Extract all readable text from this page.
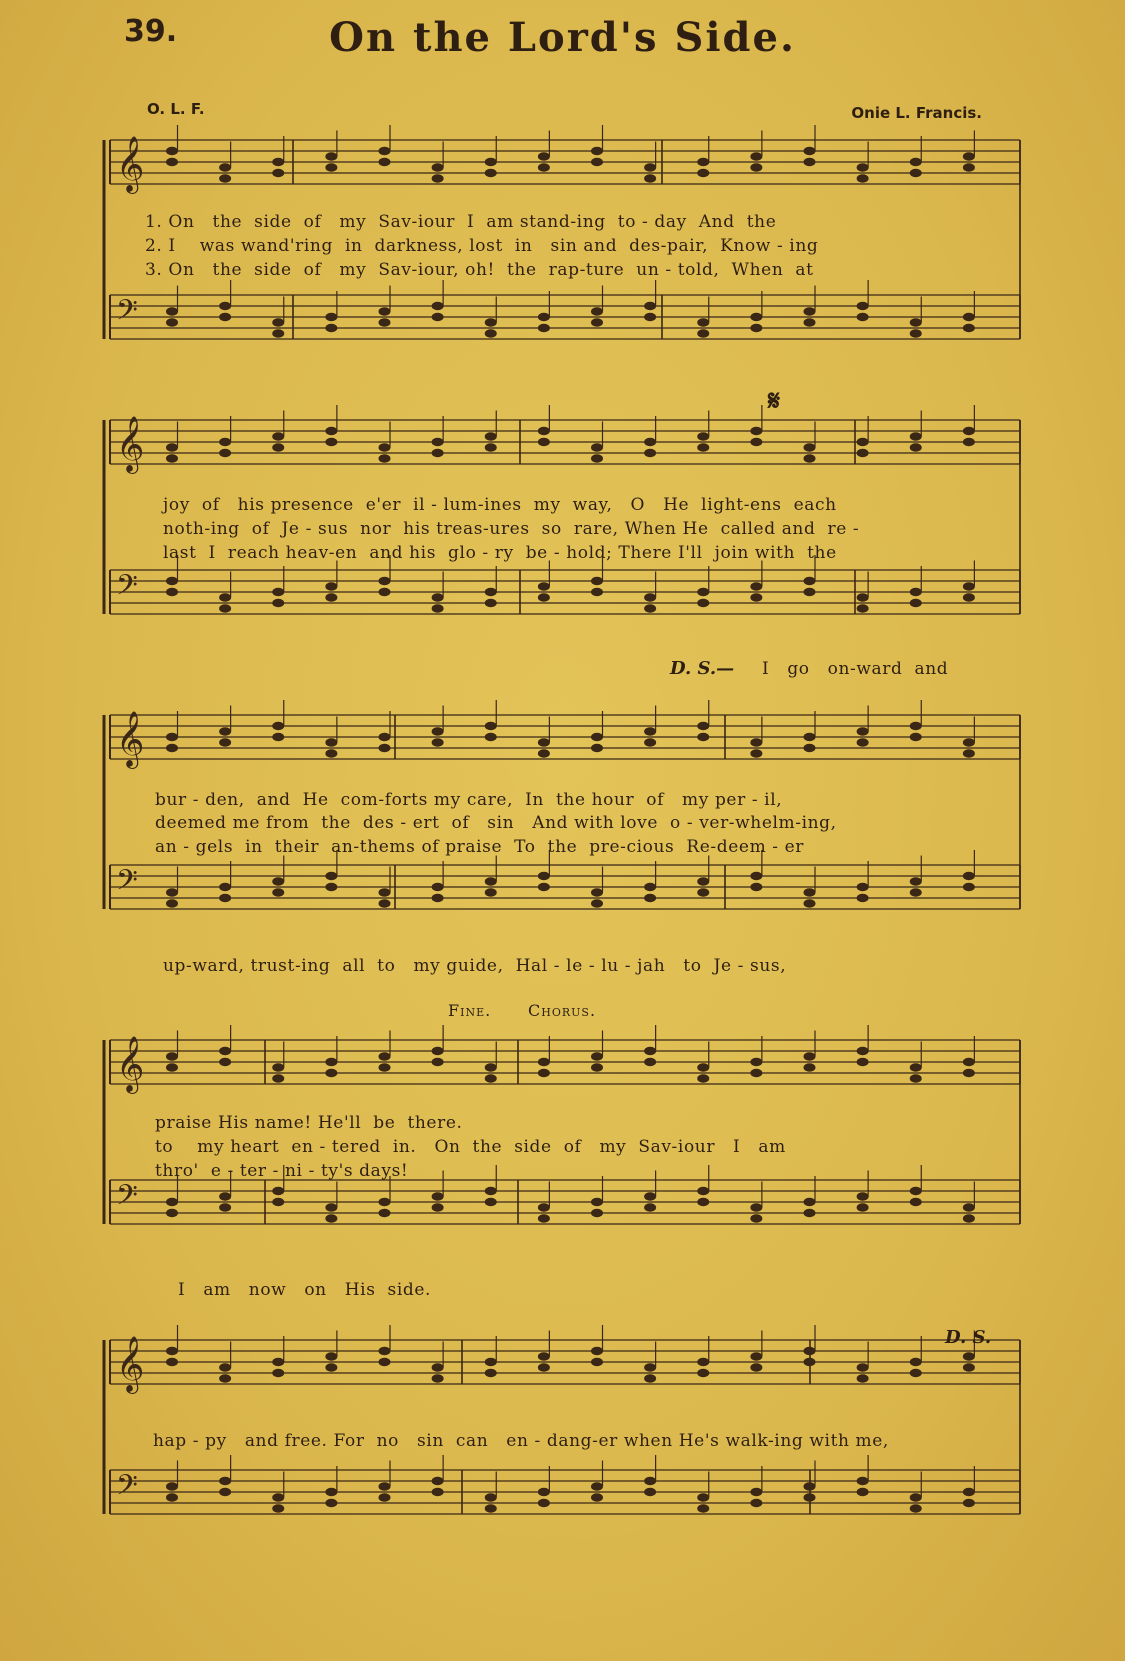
39.	On the Lord's Side.
O. L. F.	Onie L. Francis.
𝄞
𝄢
1. On   the  side  of   my  Sav-iour  I  am stand-ing  to - day  And  the
2. I    was wand'ring  in  darkness, lost  in   sin and  des-pair,  Know - ing
3. On   the  side  of   my  Sav-iour, oh!  the  rap-ture  un - told,  When  at
𝄞
𝄢
𝄋
joy  of   his presence  e'er  il - lum-ines  my  way,   O   He  light-ens  each
noth-ing  of  Je - sus  nor  his treas-ures  so  rare, When He  called and  re -
last  I  reach heav-en  and his  glo - ry  be - hold; There I'll  join with  the
D. S.— I   go   on-ward  and
𝄞
𝄢
bur - den,  and  He  com-forts my care,  In  the hour  of   my per - il,
deemed me from  the  des - ert  of   sin   And with love  o - ver-whelm-ing,
an - gels  in  their  an-thems of praise  To  the  pre-cious  Re-deem - er
up-ward, trust-ing  all  to   my guide,  Hal - le - lu - jah   to  Je - sus,
Fine. Chorus.
𝄞
𝄢
praise His name! He'll  be  there.
to    my heart  en - tered  in.   On  the  side  of   my  Sav-iour   I   am
thro'  e - ter - ni - ty's days!
I   am   now   on   His  side.
𝄞
𝄢
D. S.
hap - py   and free. For  no   sin  can   en - dang-er when He's walk-ing with me,
